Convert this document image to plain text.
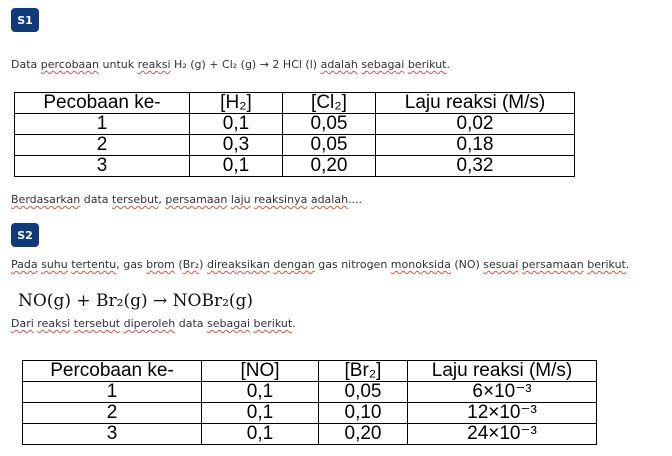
S1
Data percobaan untuk reaksi H₂ (g) + Cl₂ (g) → 2 HCl (l) adalah sebagai berikut.
Pecobaan ke-	[H₂]	[Cl₂]	Laju reaksi (M/s)
1	0,1	0,05	0,02
2	0,3	0,05	0,18
3	0,1	0,20	0,32
Berdasarkan data tersebut, persamaan laju reaksinya adalah....
S2
Pada suhu tertentu, gas brom (Br₂) direaksikan dengan gas nitrogen monoksida (NO) sesuai persamaan berikut.
NO(g) + Br₂(g) → NOBr₂(g)
Dari reaksi tersebut diperoleh data sebagai berikut.
Percobaan ke-	[NO]	[Br₂]	Laju reaksi (M/s)
1	0,1	0,05	6×10⁻³
2	0,1	0,10	12×10⁻³
3	0,1	0,20	24×10⁻³
